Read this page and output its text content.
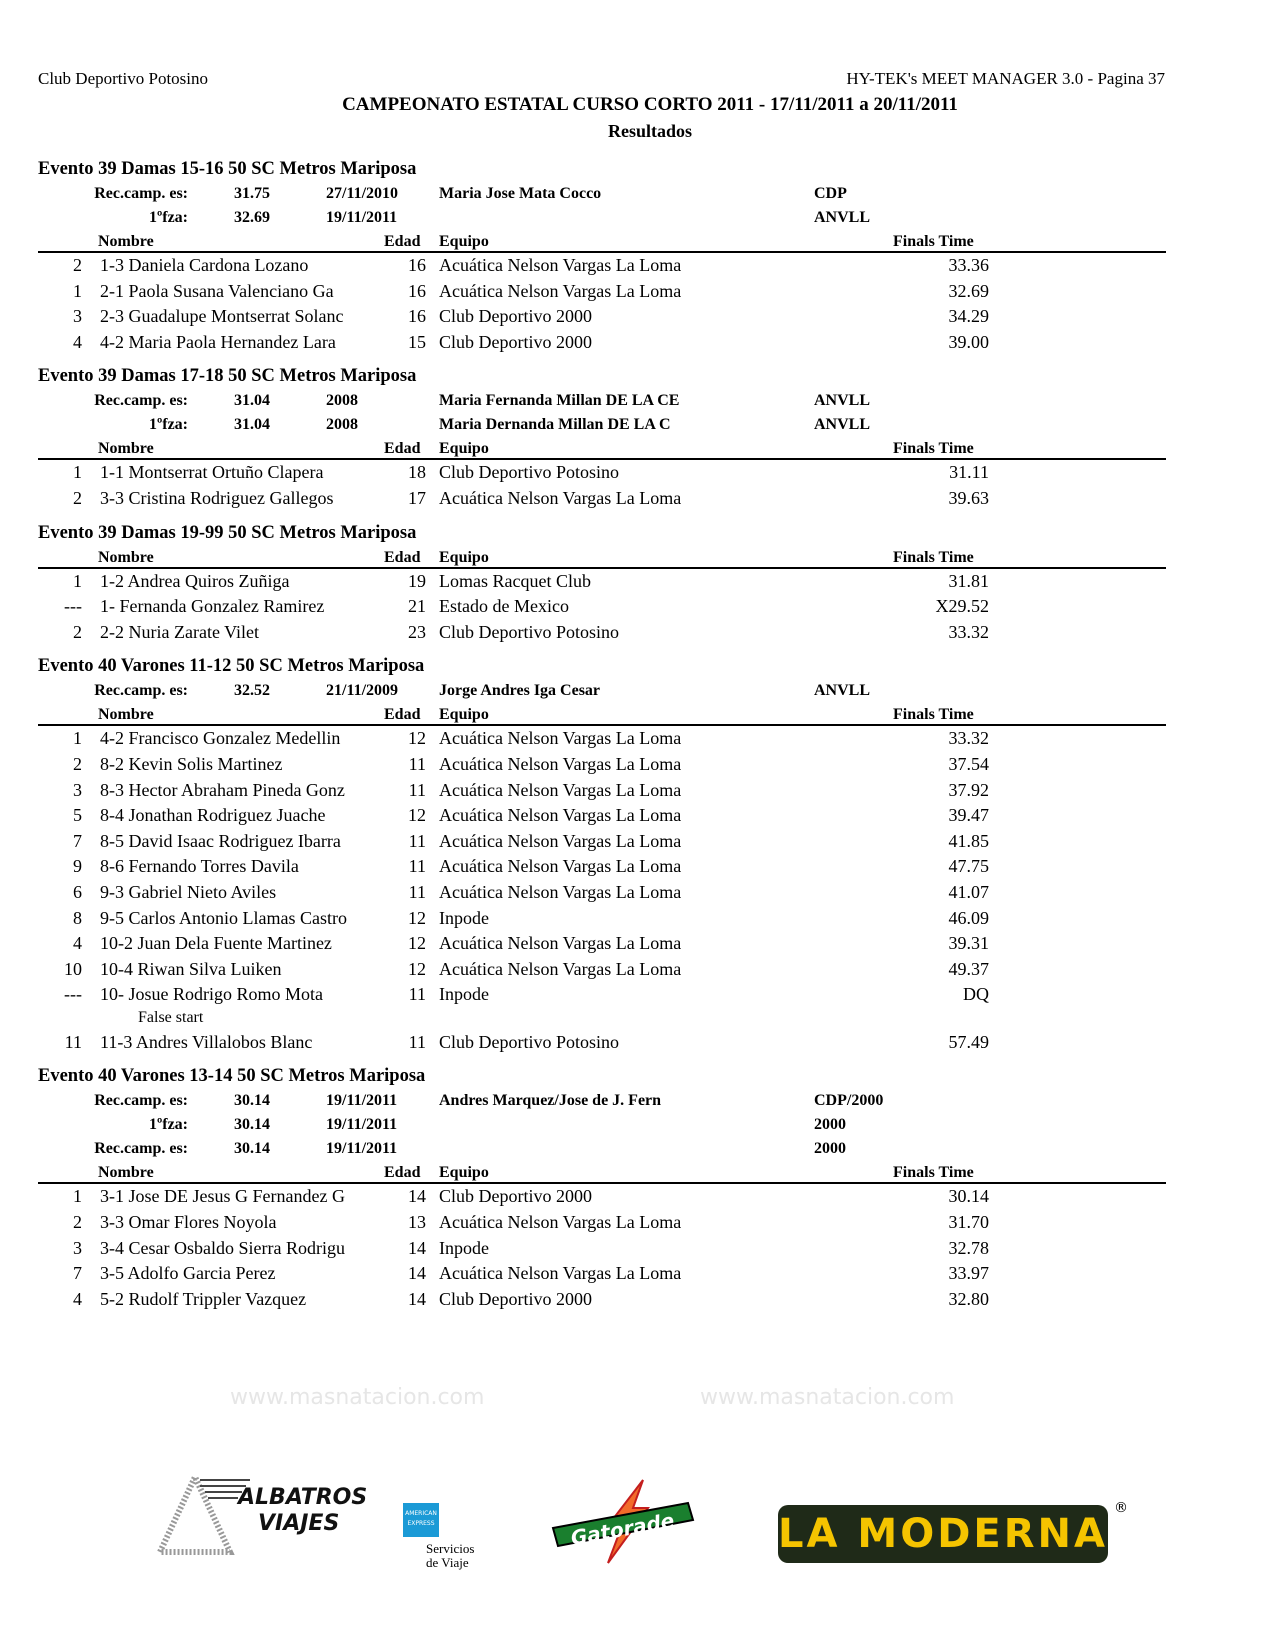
Club Deportivo Potosino	HY-TEK's MEET MANAGER 3.0 - Pagina 37
CAMPEONATO ESTATAL CURSO CORTO 2011 - 17/11/2011 a 20/11/2011
Resultados
Evento 39 Damas 15-16 50 SC Metros Mariposa
Rec.camp. es:	31.75	27/11/2010	Maria Jose Mata Cocco	CDP
1ºfza:	32.69	19/11/2011	ANVLL
Nombre	Edad Equipo	Finals Time
2 1-3 Daniela Cardona Lozano	16 Acuática Nelson Vargas La Loma	33.36
1 2-1 Paola Susana Valenciano Ga	16 Acuática Nelson Vargas La Loma	32.69
3 2-3 Guadalupe Montserrat Solanc	16 Club Deportivo 2000	34.29
4 4-2 Maria Paola Hernandez Lara	15 Club Deportivo 2000	39.00
Evento 39 Damas 17-18 50 SC Metros Mariposa
Rec.camp. es:	31.04	2008	Maria Fernanda Millan DE LA CE	ANVLL
1ºfza:	31.04	2008	Maria Dernanda Millan DE LA C	ANVLL
Nombre	Edad Equipo	Finals Time
1 1-1 Montserrat Ortuño Clapera	18 Club Deportivo Potosino	31.11
2 3-3 Cristina Rodriguez Gallegos	17 Acuática Nelson Vargas La Loma	39.63
Evento 39 Damas 19-99 50 SC Metros Mariposa
Nombre	Edad Equipo	Finals Time
1 1-2 Andrea Quiros Zuñiga	19 Lomas Racquet Club	31.81
--- 1- Fernanda Gonzalez Ramirez	21 Estado de Mexico	X29.52
2 2-2 Nuria Zarate Vilet	23 Club Deportivo Potosino	33.32
Evento 40 Varones 11-12 50 SC Metros Mariposa
Rec.camp. es:	32.52	21/11/2009	Jorge Andres Iga Cesar	ANVLL
Nombre	Edad Equipo	Finals Time
1 4-2 Francisco Gonzalez Medellin	12 Acuática Nelson Vargas La Loma	33.32
2 8-2 Kevin Solis Martinez	11 Acuática Nelson Vargas La Loma	37.54
3 8-3 Hector Abraham Pineda Gonz	11 Acuática Nelson Vargas La Loma	37.92
5 8-4 Jonathan Rodriguez Juache	12 Acuática Nelson Vargas La Loma	39.47
7 8-5 David Isaac Rodriguez Ibarra	11 Acuática Nelson Vargas La Loma	41.85
9 8-6 Fernando Torres Davila	11 Acuática Nelson Vargas La Loma	47.75
6 9-3 Gabriel Nieto Aviles	11 Acuática Nelson Vargas La Loma	41.07
8 9-5 Carlos Antonio Llamas Castro	12 Inpode	46.09
4 10-2 Juan Dela Fuente Martinez	12 Acuática Nelson Vargas La Loma	39.31
10 10-4 Riwan Silva Luiken	12 Acuática Nelson Vargas La Loma	49.37
--- 10- Josue Rodrigo Romo Mota	11 Inpode	DQ
False start
11 11-3 Andres Villalobos Blanc	11 Club Deportivo Potosino	57.49
Evento 40 Varones 13-14 50 SC Metros Mariposa
Rec.camp. es:	30.14	19/11/2011	Andres Marquez/Jose de J. Fern	CDP/2000
1ºfza:	30.14	19/11/2011	2000
Rec.camp. es:	30.14	19/11/2011	2000
Nombre	Edad Equipo	Finals Time
1 3-1 Jose DE Jesus G Fernandez G	14 Club Deportivo 2000	30.14
2 3-3 Omar Flores Noyola	13 Acuática Nelson Vargas La Loma	31.70
3 3-4 Cesar Osbaldo Sierra Rodrigu	14 Inpode	32.78
7 3-5 Adolfo Garcia Perez	14 Acuática Nelson Vargas La Loma	33.97
4 5-2 Rudolf Trippler Vazquez	14 Club Deportivo 2000	32.80
www.masnatacion.com	www.masnatacion.com
ALBATROS
VIAJES	AMERICAN
EXPRESS
Servicios de Viaje
Gatorade	LA MODERNA
®
